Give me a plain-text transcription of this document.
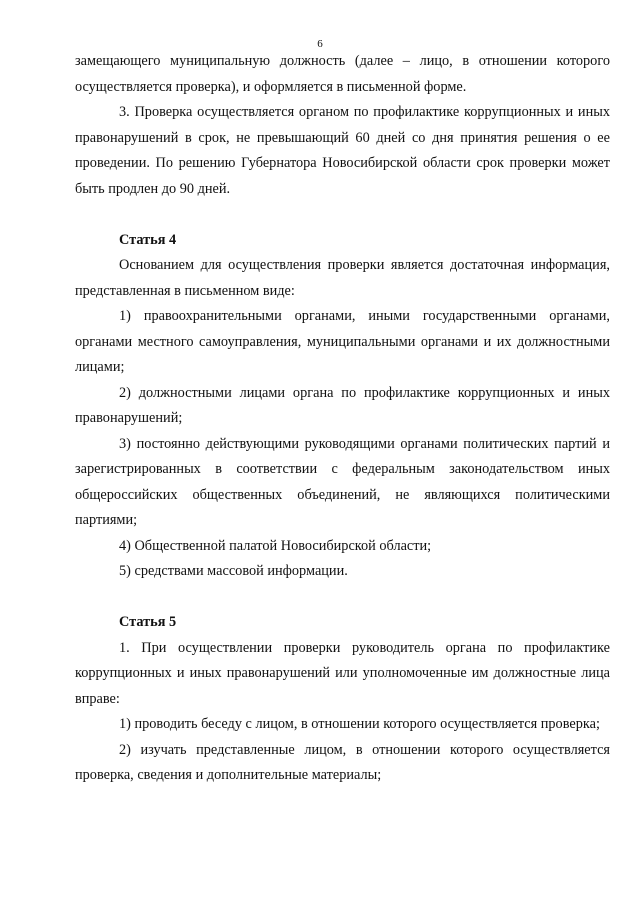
6

замещающего муниципальную должность (далее – лицо, в отношении которого осуществляется проверка), и оформляется в письменной форме.

3. Проверка осуществляется органом по профилактике коррупционных и иных правонарушений в срок, не превышающий 60 дней со дня принятия решения о ее проведении. По решению Губернатора Новосибирской области срок проверки может быть продлен до 90 дней.

Статья 4

Основанием для осуществления проверки является достаточная информация, представленная в письменном виде:

1) правоохранительными органами, иными государственными органами, органами местного самоуправления, муниципальными органами и их должностными лицами;

2) должностными лицами органа по профилактике коррупционных и иных правонарушений;

3) постоянно действующими руководящими органами политических партий и зарегистрированных в соответствии с федеральным законодательством иных общероссийских общественных объединений, не являющихся политическими партиями;

4) Общественной палатой Новосибирской области;

5) средствами массовой информации.

Статья 5

1. При осуществлении проверки руководитель органа по профилактике коррупционных и иных правонарушений или уполномоченные им должностные лица вправе:

1) проводить беседу с лицом, в отношении которого осуществляется проверка;

2) изучать представленные лицом, в отношении которого осуществляется проверка, сведения и дополнительные материалы;
